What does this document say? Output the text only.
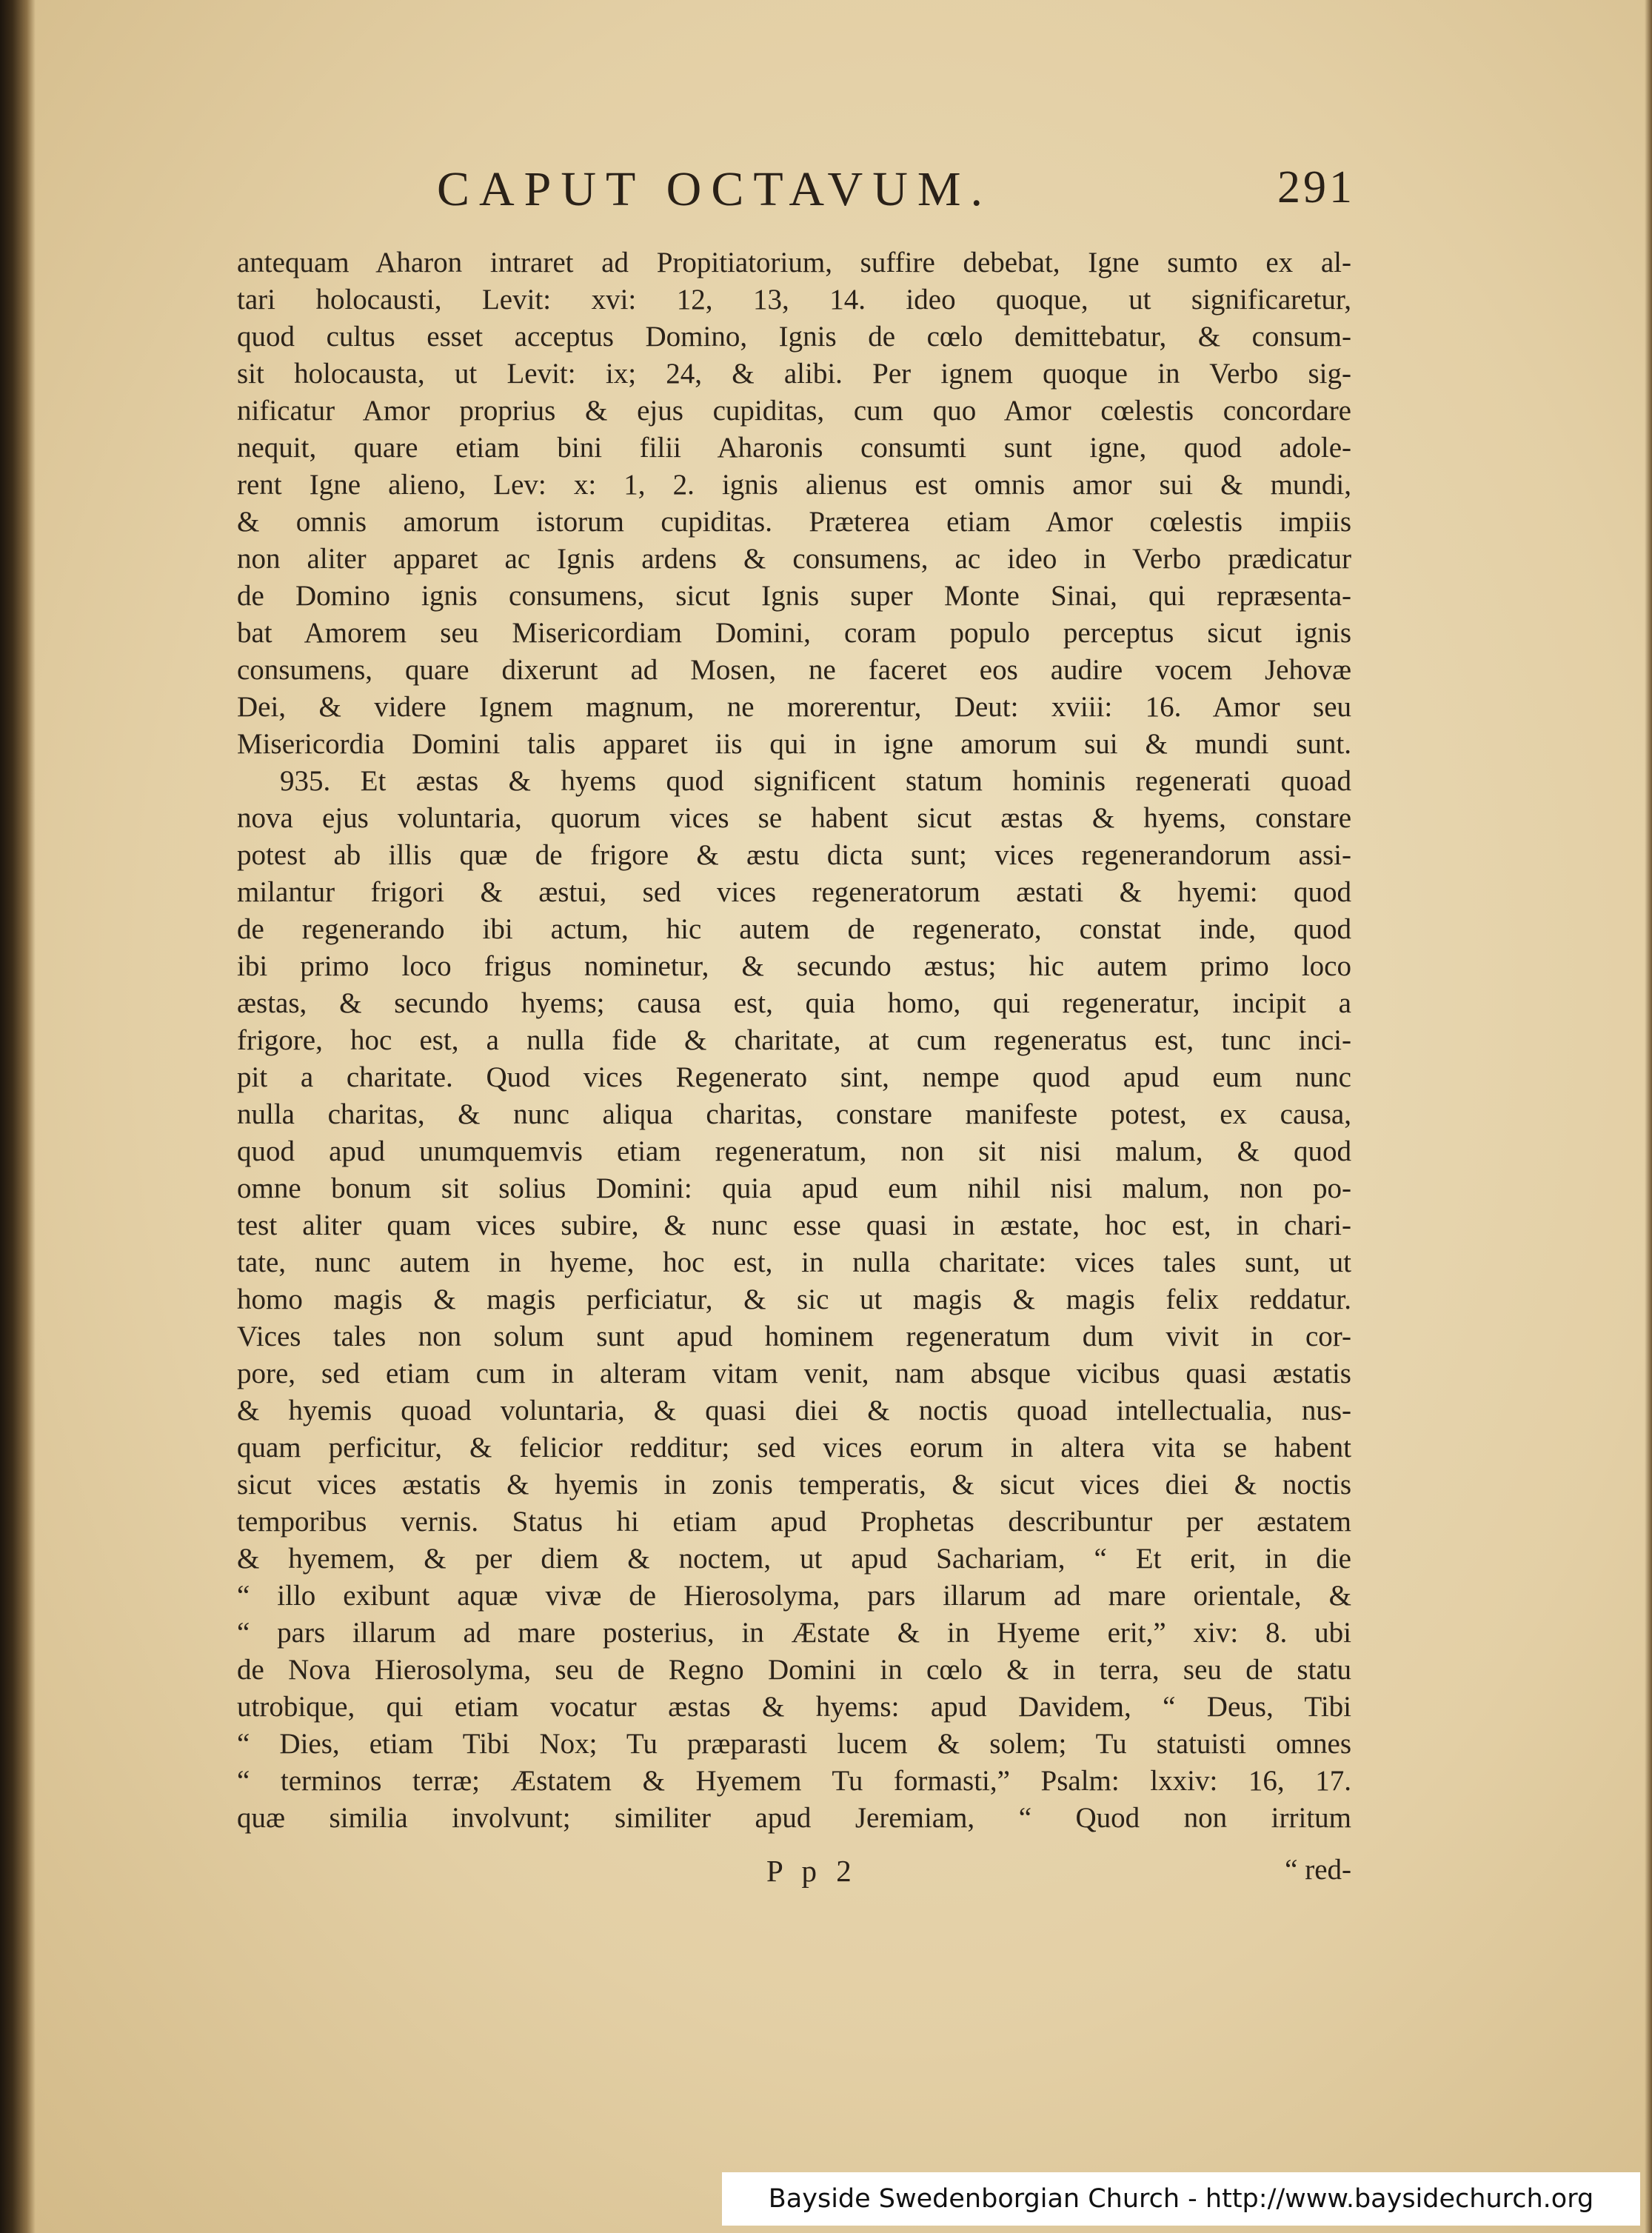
CAPUT OCTAVUM.	291
antequam Aharon intraret ad Propitiatorium, suffire debebat, Igne sumto ex al-
tari holocausti, Levit: xvi: 12, 13, 14. ideo quoque, ut significaretur,
quod cultus esset acceptus Domino, Ignis de cœlo demittebatur, & consum-
sit holocausta, ut Levit: ix; 24, & alibi. Per ignem quoque in Verbo sig-
nificatur Amor proprius & ejus cupiditas, cum quo Amor cœlestis concordare
nequit, quare etiam bini filii Aharonis consumti sunt igne, quod adole-
rent Igne alieno, Lev: x: 1, 2. ignis alienus est omnis amor sui & mundi,
& omnis amorum istorum cupiditas. Præterea etiam Amor cœlestis impiis
non aliter apparet ac Ignis ardens & consumens, ac ideo in Verbo prædicatur
de Domino ignis consumens, sicut Ignis super Monte Sinai, qui repræsenta-
bat Amorem seu Misericordiam Domini, coram populo perceptus sicut ignis
consumens, quare dixerunt ad Mosen, ne faceret eos audire vocem Jehovæ
Dei, & videre Ignem magnum, ne morerentur, Deut: xviii: 16. Amor seu
Misericordia Domini talis apparet iis qui in igne amorum sui & mundi sunt.
935. Et æstas & hyems quod significent statum hominis regenerati quoad
nova ejus voluntaria, quorum vices se habent sicut æstas & hyems, constare
potest ab illis quæ de frigore & æstu dicta sunt; vices regenerandorum assi-
milantur frigori & æstui, sed vices regeneratorum æstati & hyemi: quod
de regenerando ibi actum, hic autem de regenerato, constat inde, quod
ibi primo loco frigus nominetur, & secundo æstus; hic autem primo loco
æstas, & secundo hyems; causa est, quia homo, qui regeneratur, incipit a
frigore, hoc est, a nulla fide & charitate, at cum regeneratus est, tunc inci-
pit a charitate. Quod vices Regenerato sint, nempe quod apud eum nunc
nulla charitas, & nunc aliqua charitas, constare manifeste potest, ex causa,
quod apud unumquemvis etiam regeneratum, non sit nisi malum, & quod
omne bonum sit solius Domini: quia apud eum nihil nisi malum, non po-
test aliter quam vices subire, & nunc esse quasi in æstate, hoc est, in chari-
tate, nunc autem in hyeme, hoc est, in nulla charitate: vices tales sunt, ut
homo magis & magis perficiatur, & sic ut magis & magis felix reddatur.
Vices tales non solum sunt apud hominem regeneratum dum vivit in cor-
pore, sed etiam cum in alteram vitam venit, nam absque vicibus quasi æstatis
& hyemis quoad voluntaria, & quasi diei & noctis quoad intellectualia, nus-
quam perficitur, & felicior redditur; sed vices eorum in altera vita se habent
sicut vices æstatis & hyemis in zonis temperatis, & sicut vices diei & noctis
temporibus vernis. Status hi etiam apud Prophetas describuntur per æstatem
& hyemem, & per diem & noctem, ut apud Sachariam, “ Et erit, in die
“ illo exibunt aquæ vivæ de Hierosolyma, pars illarum ad mare orientale, &
“ pars illarum ad mare posterius, in Æstate & in Hyeme erit,” xiv: 8. ubi
de Nova Hierosolyma, seu de Regno Domini in cœlo & in terra, seu de statu
utrobique, qui etiam vocatur æstas & hyems: apud Davidem, “ Deus, Tibi
“ Dies, etiam Tibi Nox; Tu præparasti lucem & solem; Tu statuisti omnes
“ terminos terræ; Æstatem & Hyemem Tu formasti,” Psalm: lxxiv: 16, 17.
quæ similia involvunt; similiter apud Jeremiam, “ Quod non irritum
P p 2	“ red-
Bayside Swedenborgian Church - http://www.baysidechurch.org
